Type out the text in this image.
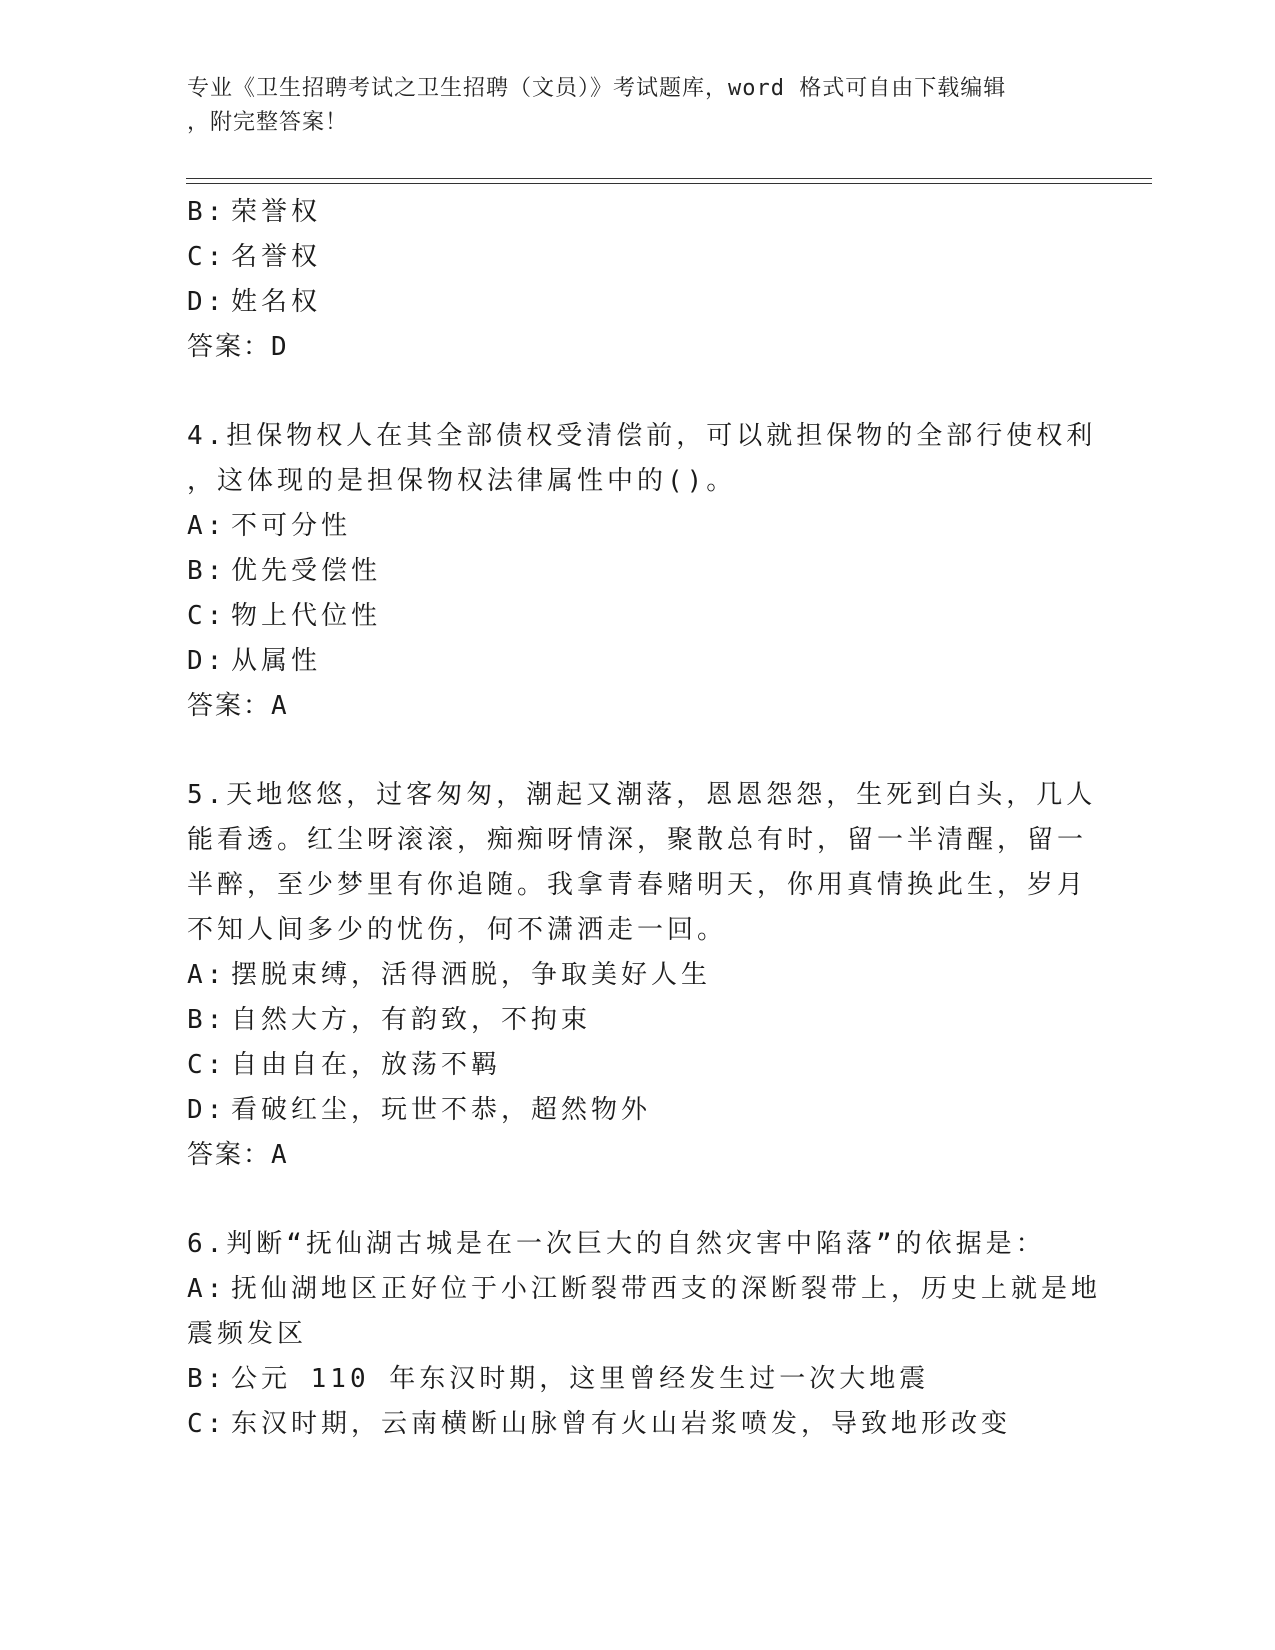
专业《卫生招聘考试之卫生招聘（文员）》考试题库，word 格式可自由下载编辑
，附完整答案！
B: 荣誉权
C: 名誉权
D: 姓名权
答案：D
4.担保物权人在其全部债权受清偿前，可以就担保物的全部行使权利
，这体现的是担保物权法律属性中的()。
A: 不可分性
B: 优先受偿性
C: 物上代位性
D: 从属性
答案：A
5.天地悠悠，过客匆匆，潮起又潮落，恩恩怨怨，生死到白头，几人
能看透。红尘呀滚滚，痴痴呀情深，聚散总有时，留一半清醒，留一
半醉，至少梦里有你追随。我拿青春赌明天，你用真情换此生，岁月
不知人间多少的忧伤，何不潇洒走一回。
A: 摆脱束缚，活得洒脱，争取美好人生
B: 自然大方，有韵致，不拘束
C: 自由自在，放荡不羁
D: 看破红尘，玩世不恭，超然物外
答案：A
6.判断“抚仙湖古城是在一次巨大的自然灾害中陷落”的依据是：
A: 抚仙湖地区正好位于小江断裂带西支的深断裂带上，历史上就是地
震频发区
B: 公元 110 年东汉时期，这里曾经发生过一次大地震
C: 东汉时期，云南横断山脉曾有火山岩浆喷发，导致地形改变
